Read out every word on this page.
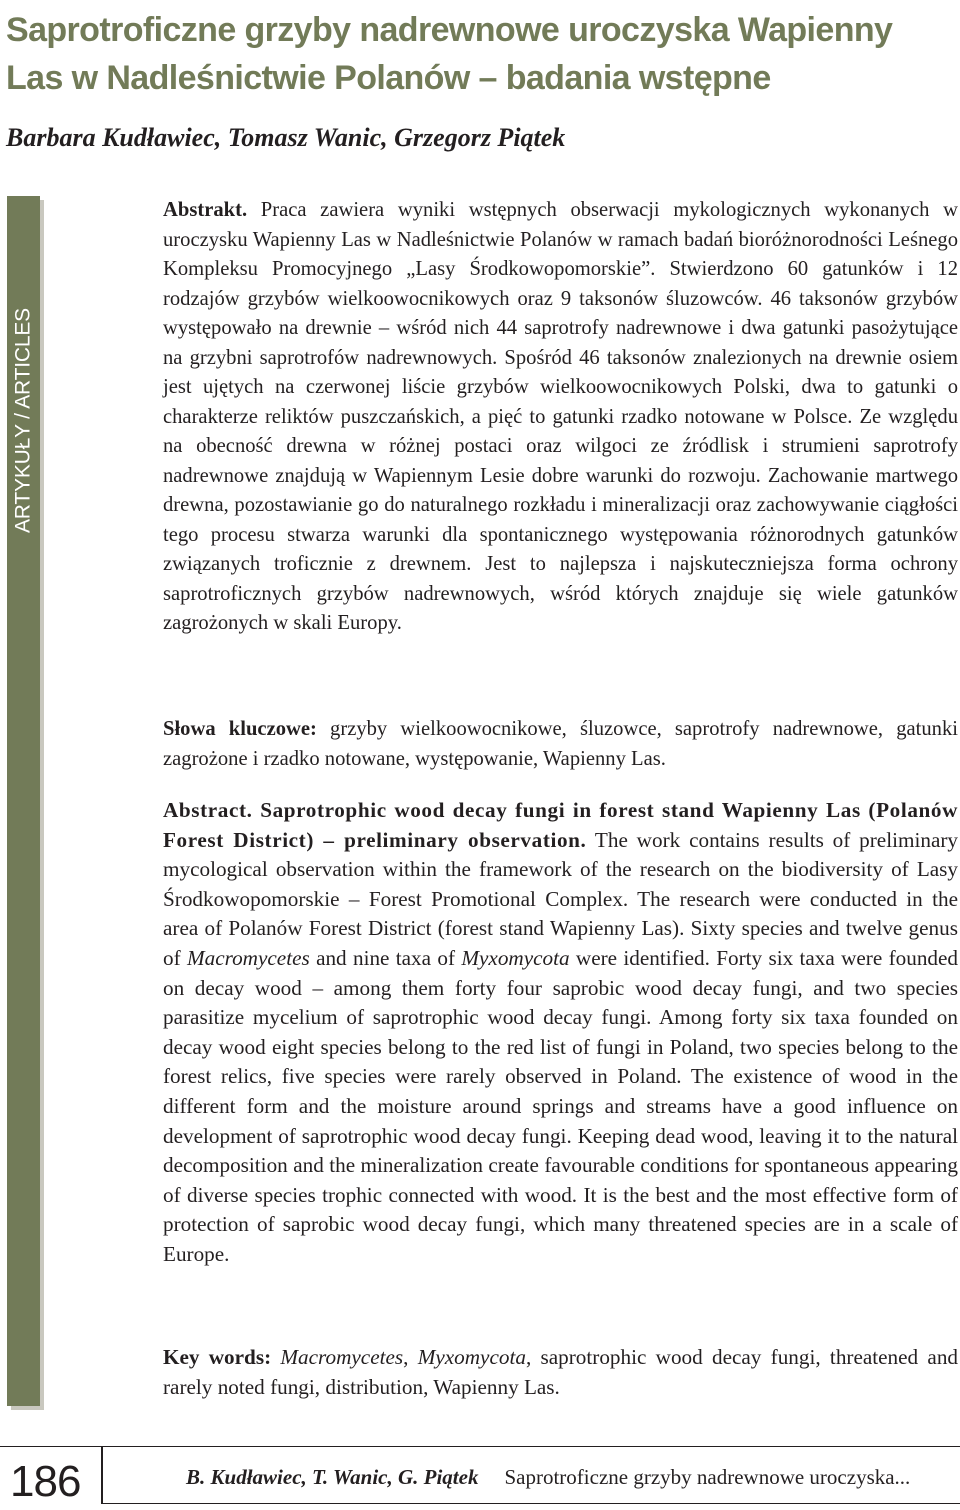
Saprotroficzne grzyby nadrewnowe uroczyska Wapienny Las w Nadleśnictwie Polanów – badania wstępne
Barbara Kudławiec, Tomasz Wanic, Grzegorz Piątek
ARTYKUŁY / ARTICLES

Abstrakt. Praca zawiera wyniki wstępnych obserwacji mykologicznych wykonanych w uroczysku Wapienny Las w Nadleśnictwie Polanów w ramach badań bioróżnorodności Leśnego Kompleksu Promocyjnego „Lasy Środkowopomorskie”. Stwierdzono 60 gatunków i 12 rodzajów grzybów wielkoowocnikowych oraz 9 taksonów śluzowców. 46 taksonów grzybów występowało na drewnie – wśród nich 44 saprotrofy nadrewnowe i dwa gatunki pasożytujące na grzybni saprotrofów nadrewnowych. Spośród 46 taksonów znalezionych na drewnie osiem jest ujętych na czerwonej liście grzybów wielkoowocnikowych Polski, dwa to gatunki o charakterze reliktów puszczańskich, a pięć to gatunki rzadko notowane w Polsce. Ze względu na obecność drewna w różnej postaci oraz wilgoci ze źródlisk i strumieni saprotrofy nadrewnowe znajdują w Wapiennym Lesie dobre warunki do rozwoju. Zachowanie martwego drewna, pozostawianie go do naturalnego rozkładu i mineralizacji oraz zachowywanie ciągłości tego procesu stwarza warunki dla spontanicznego występowania różnorodnych gatunków związanych troficznie z drewnem. Jest to najlepsza i najskuteczniejsza forma ochrony saprotroficznych grzybów nadrewnowych, wśród których znajduje się wiele gatunków zagrożonych w skali Europy.

Słowa kluczowe: grzyby wielkoowocnikowe, śluzowce, saprotrofy nadrewnowe, gatunki zagrożone i rzadko notowane, występowanie, Wapienny Las.

Abstract. Saprotrophic wood decay fungi in forest stand Wapienny Las (Polanów Forest District) – preliminary observation. The work contains results of preliminary mycological observation within the framework of the research on the biodiversity of Lasy Środkowopomorskie – Forest Promotional Complex. The research were conducted in the area of Polanów Forest District (forest stand Wapienny Las). Sixty species and twelve genus of Macromycetes and nine taxa of Myxomycota were identified. Forty six taxa were founded on decay wood – among them forty four saprobic wood decay fungi, and two species parasitize mycelium of saprotrophic wood decay fungi. Among forty six taxa founded on decay wood eight species belong to the red list of fungi in Poland, two species belong to the forest relics, five species were rarely observed in Poland. The existence of wood in the different form and the moisture around springs and streams have a good influence on development of saprotrophic wood decay fungi. Keeping dead wood, leaving it to the natural decomposition and the mineralization create favourable conditions for spontaneous appearing of diverse species trophic connected with wood. It is the best and the most effective form of protection of saprobic wood decay fungi, which many threatened species are in a scale of Europe.

Key words: Macromycetes, Myxomycota, saprotrophic wood decay fungi, threatened and rarely noted fungi, distribution, Wapienny Las.

186	B. Kudławiec, T. Wanic, G. Piątek Saprotroficzne grzyby nadrewnowe uroczyska...
